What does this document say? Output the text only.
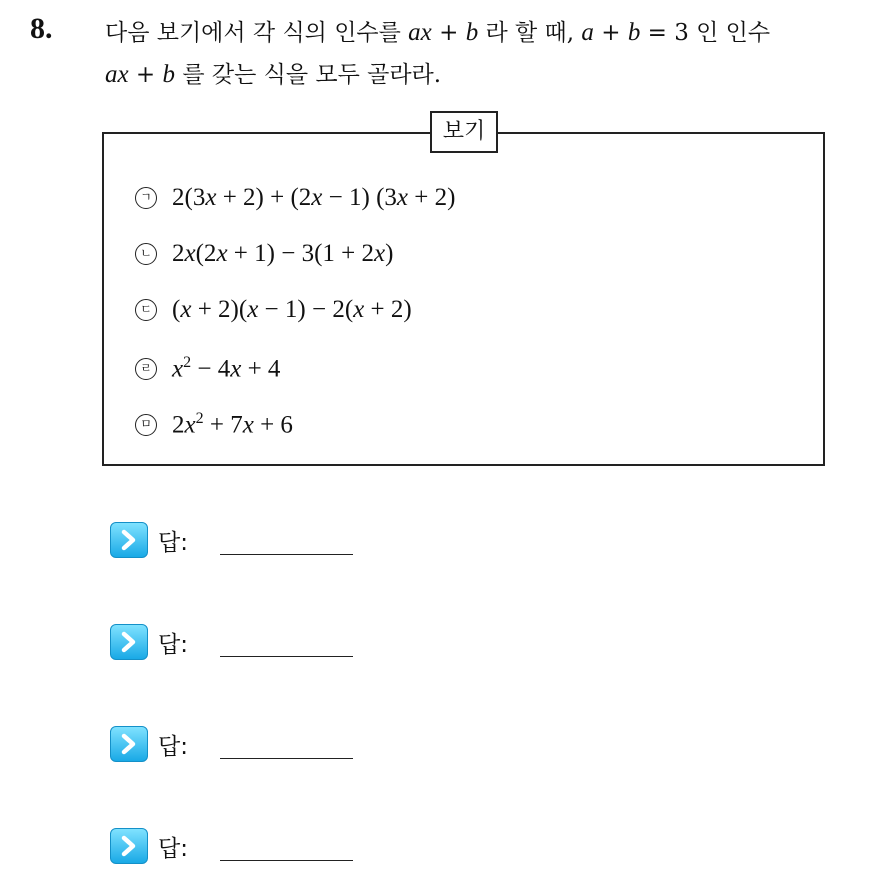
8. 다음 보기에서 각 식의 인수를 ax + b 라 할 때, a + b = 3 인 인수
ax + b 를 갖는 식을 모두 골라라.
보기
ㄱ 2(3x + 2) + (2x − 1) (3x + 2)
ㄴ 2x(2x + 1) − 3(1 + 2x)
ㄷ (x + 2)(x − 1) − 2(x + 2)
ㄹ $x^2 - 4x + 4$
ㅁ $2x^2 + 7x + 6$
답:
답:
답:
답:
